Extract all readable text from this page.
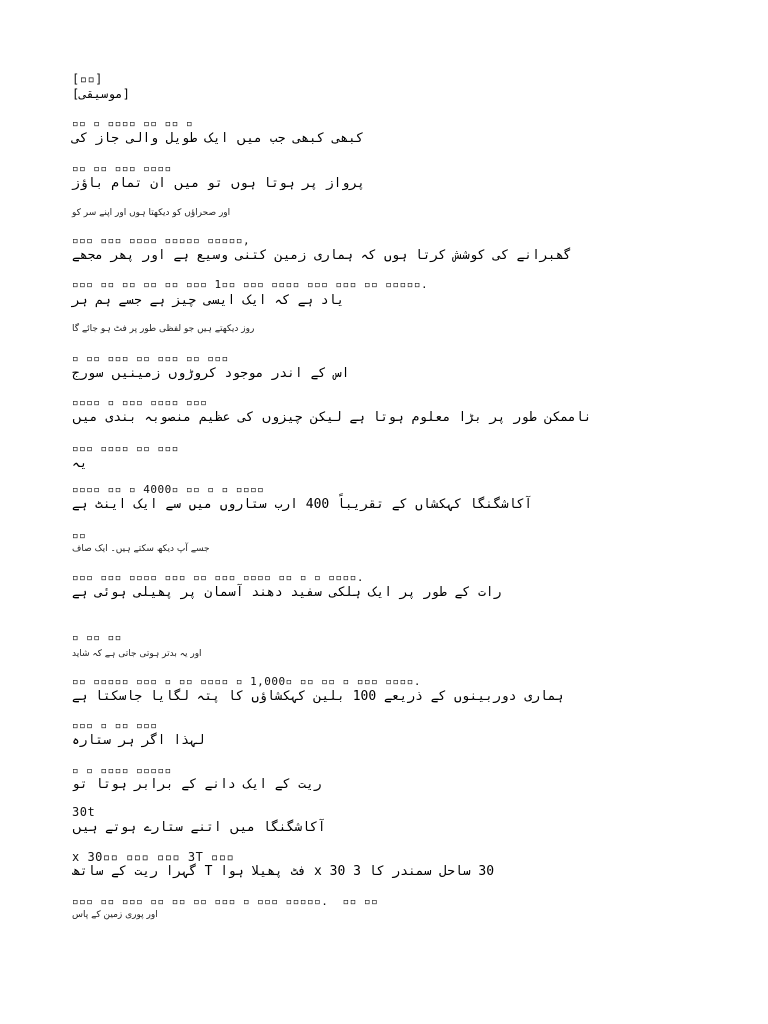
[▫▫]
[موسیقی]
▫▫ ▫ ▫▫▫▫ ▫▫ ▫▫ ▫
کبھی کبھی جب میں ایک طویل والی جاز کی
▫▫ ▫▫ ▫▫▫ ▫▫▫▫
پرواز پر ہوتا ہوں تو میں ان تمام باؤز
اور صحراؤں کو دیکھتا ہوں اور اپنے سر کو
▫▫▫ ▫▫▫ ▫▫▫▫ ▫▫▫▫▫ ▫▫▫▫▫,
گھبرانے کی کوشش کرتا ہوں کہ ہماری زمین کتنی وسیع ہے اور پھر مجھے
▫▫▫ ▫▫ ▫▫ ▫▫ ▫▫ ▫▫▫ 1▫▫ ▫▫▫ ▫▫▫▫ ▫▫▫ ▫▫▫ ▫▫ ▫▫▫▫▫.
یاد ہے کہ ایک ایسی چیز ہے جسے ہم ہر
روز دیکھتے ہیں جو لفظی طور پر فٹ ہو جائے گا
▫ ▫▫ ▫▫▫ ▫▫ ▫▫▫ ▫▫ ▫▫▫
اس کے اندر موجود کروڑوں زمینیں سورج
▫▫▫▫ ▫ ▫▫▫ ▫▫▫▫ ▫▫▫
ناممکن طور پر بڑا معلوم ہوتا ہے لیکن چیزوں کی عظیم منصوبہ بندی میں
▫▫▫ ▫▫▫▫ ▫▫ ▫▫▫
یہ
▫▫▫▫ ▫▫ ▫ 4000▫ ▫▫ ▫ ▫ ▫▫▫▫
آکاشگنگا کہکشاں کے تقریباً 400 ارب ستاروں میں سے ایک اینٹ ہے
▫▫
جسے آپ دیکھ سکتے ہیں۔ ایک صاف
▫▫▫ ▫▫▫ ▫▫▫▫ ▫▫▫ ▫▫ ▫▫▫ ▫▫▫▫ ▫▫ ▫ ▫ ▫▫▫▫.
رات کے طور پر ایک ہلکی سفید دھند آسمان پر پھیلی ہوئی ہے
▫ ▫▫ ▫▫
اور یہ بدتر ہوتی جاتی ہے کہ شاید
▫▫ ▫▫▫▫▫ ▫▫▫ ▫ ▫▫ ▫▫▫▫ ▫ 1,000▫ ▫▫ ▫▫ ▫ ▫▫▫ ▫▫▫▫.
ہماری دوربینوں کے ذریعے 100 بلین کہکشاؤں کا پتہ لگایا جاسکتا ہے
▫▫▫ ▫ ▫▫ ▫▫▫
لہذا اگر ہر ستارہ
▫ ▫ ▫▫▫▫ ▫▫▫▫▫
ریت کے ایک دانے کے برابر ہوتا تو
30t
آکاشگنگا میں اتنے ستارے ہوتے ہیں
x 30▫▫ ▫▫▫ ▫▫▫ 3T ▫▫▫
30 ساحل سمندر کا x 30 3 فٹ پھیلا ہوا T گہرا ریت کے ساتھ
▫▫▫ ▫▫ ▫▫▫ ▫▫ ▫▫ ▫▫ ▫▫▫ ▫ ▫▫▫ ▫▫▫▫▫.  ▫▫ ▫▫
اور پوری زمین کے پاس
